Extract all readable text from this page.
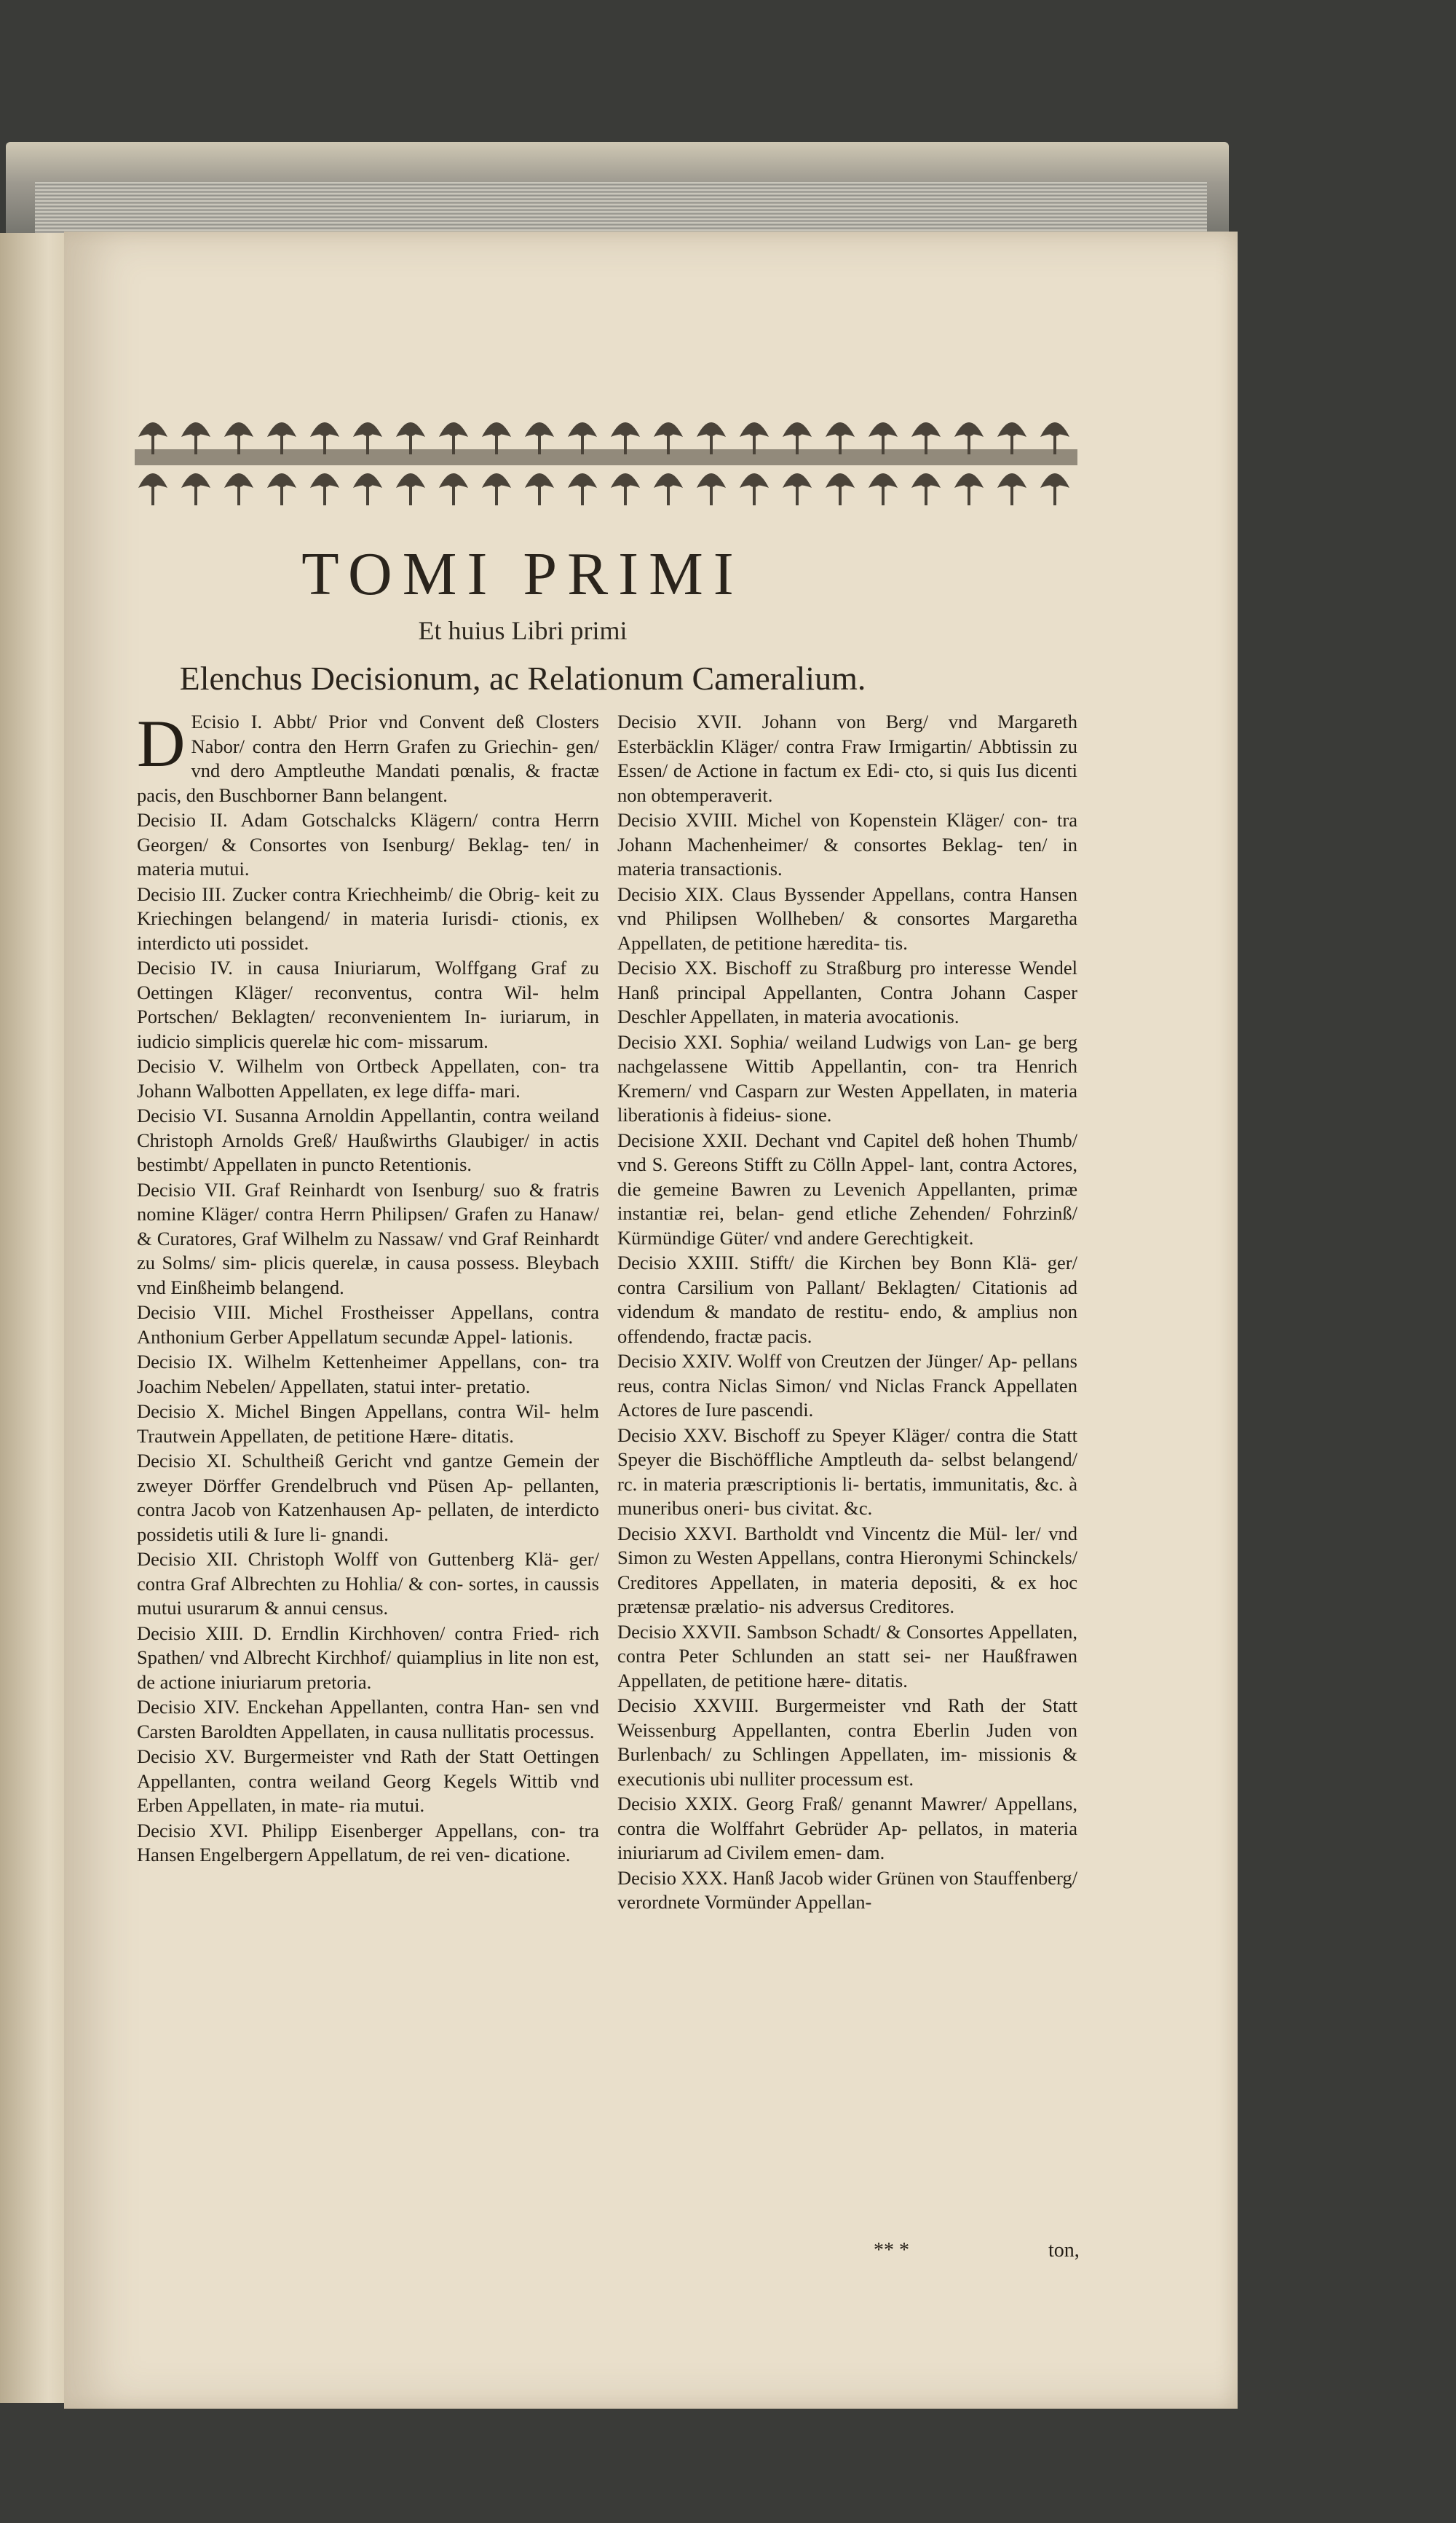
TOMI PRIMI
Et huius Libri primi
Elenchus Decisionum, ac Relationum Cameralium.
D Ecisio I. Abbt/ Prior vnd Convent deß Closters Nabor/ contra den Herrn Grafen zu Griechin- gen/ vnd dero Amptleuthe Mandati pœnalis, & fractæ pacis, den Buschborner Bann belangent.
Decisio II. Adam Gotschalcks Klägern/ contra Herrn Georgen/ & Consortes von Isenburg/ Beklag- ten/ in materia mutui.
Decisio III. Zucker contra Kriechheimb/ die Obrig- keit zu Kriechingen belangend/ in materia Iurisdi- ctionis, ex interdicto uti possidet.
Decisio IV. in causa Iniuriarum, Wolffgang Graf zu Oettingen Kläger/ reconventus, contra Wil- helm Portschen/ Beklagten/ reconvenientem In- iuriarum, in iudicio simplicis querelæ hic com- missarum.
Decisio V. Wilhelm von Ortbeck Appellaten, con- tra Johann Walbotten Appellaten, ex lege diffa- mari.
Decisio VI. Susanna Arnoldin Appellantin, contra weiland Christoph Arnolds Greß/ Haußwirths Glaubiger/ in actis bestimbt/ Appellaten in puncto Retentionis.
Decisio VII. Graf Reinhardt von Isenburg/ suo & fratris nomine Kläger/ contra Herrn Philipsen/ Grafen zu Hanaw/ & Curatores, Graf Wilhelm zu Nassaw/ vnd Graf Reinhardt zu Solms/ sim- plicis querelæ, in causa possess. Bleybach vnd Einßheimb belangend.
Decisio VIII. Michel Frostheisser Appellans, contra Anthonium Gerber Appellatum secundæ Appel- lationis.
Decisio IX. Wilhelm Kettenheimer Appellans, con- tra Joachim Nebelen/ Appellaten, statui inter- pretatio.
Decisio X. Michel Bingen Appellans, contra Wil- helm Trautwein Appellaten, de petitione Hære- ditatis.
Decisio XI. Schultheiß Gericht vnd gantze Gemein der zweyer Dörffer Grendelbruch vnd Püsen Ap- pellanten, contra Jacob von Katzenhausen Ap- pellaten, de interdicto possidetis utili & Iure li- gnandi.
Decisio XII. Christoph Wolff von Guttenberg Klä- ger/ contra Graf Albrechten zu Hohlia/ & con- sortes, in caussis mutui usurarum & annui census.
Decisio XIII. D. Erndlin Kirchhoven/ contra Fried- rich Spathen/ vnd Albrecht Kirchhof/ quiamplius in lite non est, de actione iniuriarum pretoria.
Decisio XIV. Enckehan Appellanten, contra Han- sen vnd Carsten Baroldten Appellaten, in causa nullitatis processus.
Decisio XV. Burgermeister vnd Rath der Statt Oettingen Appellanten, contra weiland Georg Kegels Wittib vnd Erben Appellaten, in mate- ria mutui.
Decisio XVI. Philipp Eisenberger Appellans, con- tra Hansen Engelbergern Appellatum, de rei ven- dicatione.
Decisio XVII. Johann von Berg/ vnd Margareth Esterbäcklin Kläger/ contra Fraw Irmigartin/ Abbtissin zu Essen/ de Actione in factum ex Edi- cto, si quis Ius dicenti non obtemperaverit.
Decisio XVIII. Michel von Kopenstein Kläger/ con- tra Johann Machenheimer/ & consortes Beklag- ten/ in materia transactionis.
Decisio XIX. Claus Byssender Appellans, contra Hansen vnd Philipsen Wollheben/ & consortes Margaretha Appellaten, de petitione hæredita- tis.
Decisio XX. Bischoff zu Straßburg pro interesse Wendel Hanß principal Appellanten, Contra Johann Casper Deschler Appellaten, in materia avocationis.
Decisio XXI. Sophia/ weiland Ludwigs von Lan- ge berg nachgelassene Wittib Appellantin, con- tra Henrich Kremern/ vnd Casparn zur Westen Appellaten, in materia liberationis à fideius- sione.
Decisione XXII. Dechant vnd Capitel deß hohen Thumb/ vnd S. Gereons Stifft zu Cölln Appel- lant, contra Actores, die gemeine Bawren zu Levenich Appellanten, primæ instantiæ rei, belan- gend etliche Zehenden/ Fohrzinß/ Kürmündige Güter/ vnd andere Gerechtigkeit.
Decisio XXIII. Stifft/ die Kirchen bey Bonn Klä- ger/ contra Carsilium von Pallant/ Beklagten/ Citationis ad videndum & mandato de restitu- endo, & amplius non offendendo, fractæ pacis.
Decisio XXIV. Wolff von Creutzen der Jünger/ Ap- pellans reus, contra Niclas Simon/ vnd Niclas Franck Appellaten Actores de Iure pascendi.
Decisio XXV. Bischoff zu Speyer Kläger/ contra die Statt Speyer die Bischöffliche Amptleuth da- selbst belangend/ rc. in materia præscriptionis li- bertatis, immunitatis, &c. à muneribus oneri- bus civitat. &c.
Decisio XXVI. Bartholdt vnd Vincentz die Mül- ler/ vnd Simon zu Westen Appellans, contra Hieronymi Schinckels/ Creditores Appellaten, in materia depositi, & ex hoc prætensæ prælatio- nis adversus Creditores.
Decisio XXVII. Sambson Schadt/ & Consortes Appellaten, contra Peter Schlunden an statt sei- ner Haußfrawen Appellaten, de petitione hære- ditatis.
Decisio XXVIII. Burgermeister vnd Rath der Statt Weissenburg Appellanten, contra Eberlin Juden von Burlenbach/ zu Schlingen Appellaten, im- missionis & executionis ubi nulliter processum est.
Decisio XXIX. Georg Fraß/ genannt Mawrer/ Appellans, contra die Wolffahrt Gebrüder Ap- pellatos, in materia iniuriarum ad Civilem emen- dam.
Decisio XXX. Hanß Jacob wider Grünen von Stauffenberg/ verordnete Vormünder Appellan-
** *	ton,
